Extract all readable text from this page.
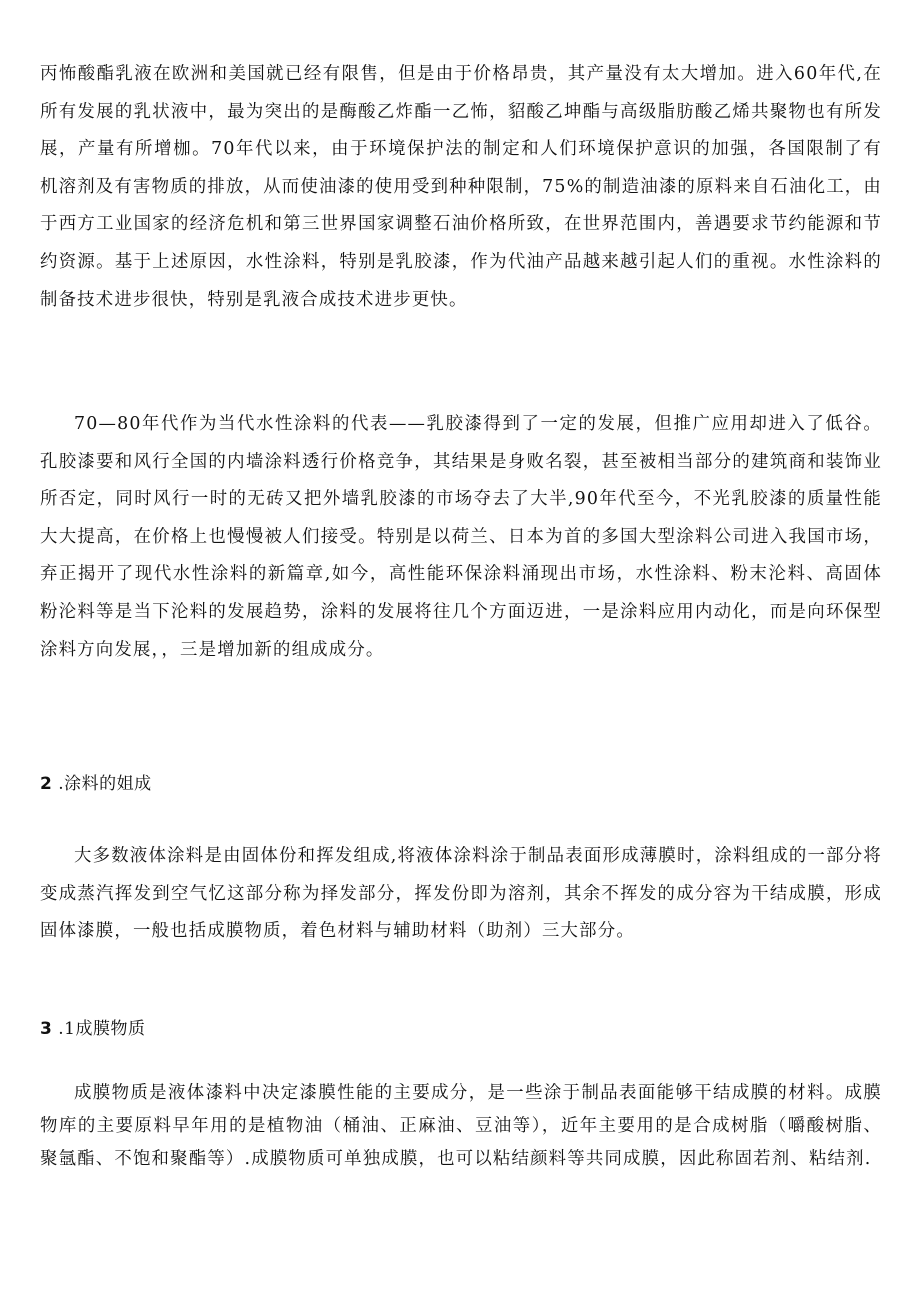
丙怖酸酯乳液在欧洲和美国就已经有限售，但是由于价格昂贵，其产量没有太大增加。进入60年代,在所有发展的乳状液中，最为突出的是酶酸乙炸酯一乙怖，貂酸乙坤酯与高级脂肪酸乙烯共聚物也有所发展，产量有所增枷。70年代以来，由于环境保护法的制定和人们环境保护意识的加强，各国限制了有机溶剂及有害物质的排放，从而使油漆的使用受到种种限制，75%的制造油漆的原料来自石油化工，由于西方工业国家的经济危机和第三世界国家调整石油价格所致，在世界范围内，善遇要求节约能源和节约资源。基于上述原因，水性涂料，特别是乳胶漆，作为代油产品越来越引起人们的重视。水性涂料的制备技术进步很快，特别是乳液合成技术进步更快。

70—80年代作为当代水性涂料的代表——乳胶漆得到了一定的发展，但推广应用却进入了低谷。孔胶漆要和风行全国的内墙涂料透行价格竞争，其结果是身败名裂，甚至被相当部分的建筑商和装饰业所否定，同时风行一时的无砖又把外墙乳胶漆的市场夺去了大半,90年代至今，不光乳胶漆的质量性能大大提高，在价格上也慢慢被人们接受。特别是以荷兰、日本为首的多国大型涂料公司进入我国市场，弃正揭开了现代水性涂料的新篇章,如今，高性能环保涂料涌现出市场，水性涂料、粉末沦料、高固体粉沦料等是当下沦料的发展趋势，涂料的发展将往几个方面迈进，一是涂料应用内动化，而是向环保型涂料方向发展，，三是增加新的组成成分。

2 .涂料的姐成

大多数液体涂料是由固体份和挥发组成,将液体涂料涂于制品表面形成薄膜时，涂料组成的一部分将变成蒸汽挥发到空气忆这部分称为择发部分，挥发份即为溶剂，其余不挥发的成分容为干结成膜，形成固体漆膜，一般也括成膜物质，着色材料与辅助材料（助剂）三大部分。

3 .1成膜物质

成膜物质是液体漆料中决定漆膜性能的主要成分，是一些涂于制品表面能够干结成膜的材料。成膜物库的主要原料早年用的是植物油（桶油、正麻油、豆油等），近年主要用的是合成树脂（嚼酸树脂、聚氬酯、不饱和聚酯等）.成膜物质可单独成膜，也可以粘结颜料等共同成膜，因此称固若剂、粘结剂.
